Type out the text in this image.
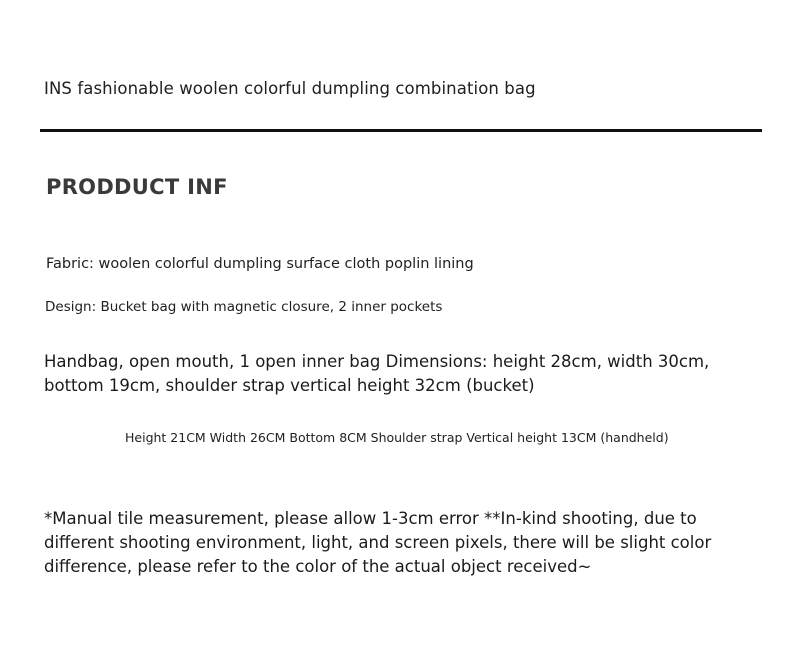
INS fashionable woolen colorful dumpling combination bag
PRODDUCT INF
Fabric: woolen colorful dumpling surface cloth poplin lining
Design: Bucket bag with magnetic closure, 2 inner pockets
Handbag, open mouth, 1 open inner bag Dimensions: height 28cm, width 30cm, bottom 19cm, shoulder strap vertical height 32cm (bucket)
Height 21CM Width 26CM Bottom 8CM Shoulder strap Vertical height 13CM (handheld)
*Manual tile measurement, please allow 1-3cm error **In-kind shooting, due to different shooting environment, light, and screen pixels, there will be slight color difference, please refer to the color of the actual object received~
